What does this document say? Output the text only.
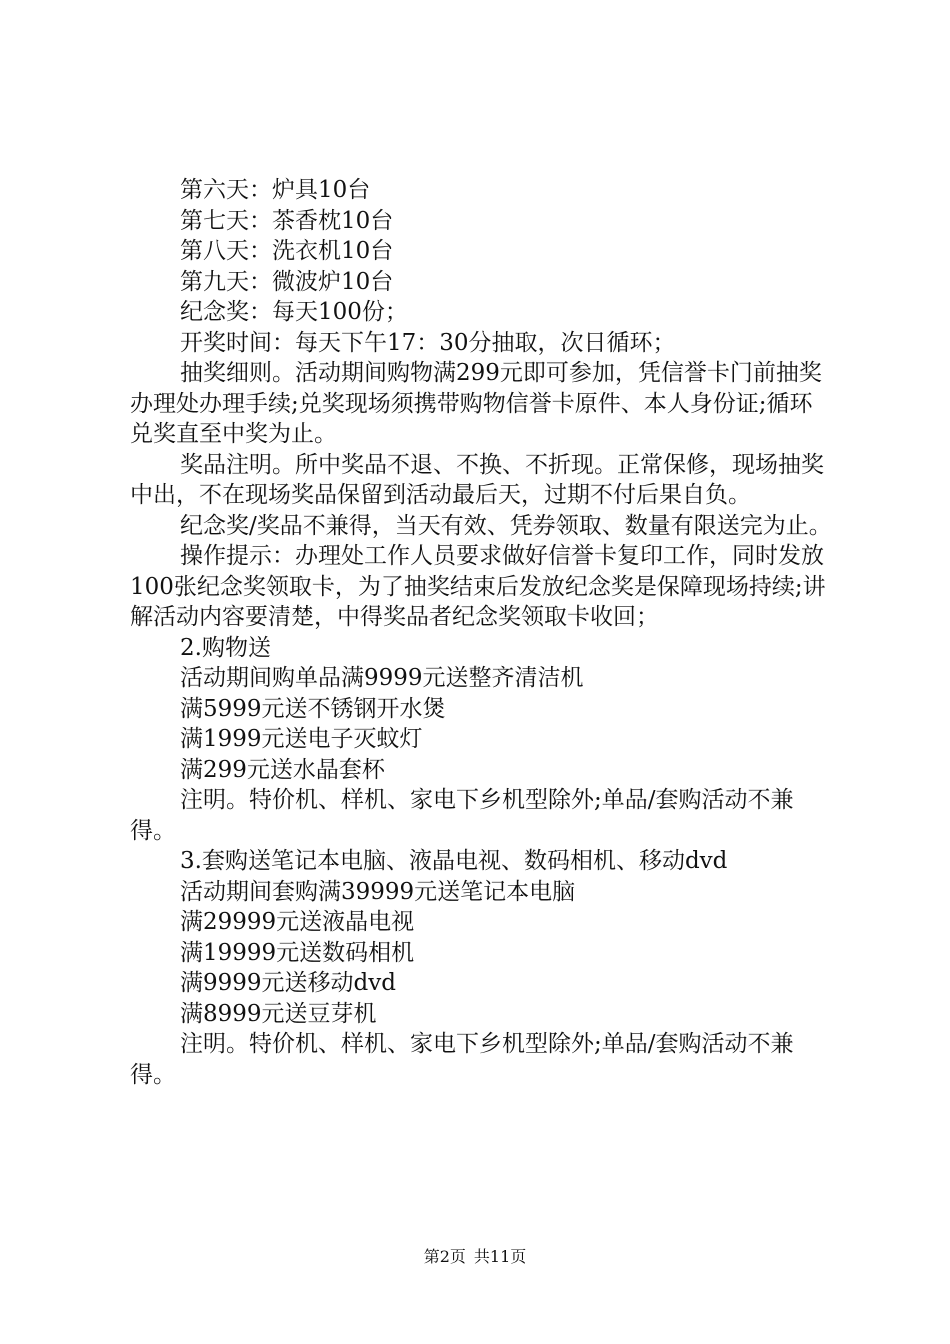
第六天：炉具10台

第七天：茶香枕10台

第八天：洗衣机10台

第九天：微波炉10台

纪念奖：每天100份；

开奖时间：每天下午17：30分抽取，次日循环；

抽奖细则。活动期间购物满299元即可参加，凭信誉卡门前抽奖办理处办理手续;兑奖现场须携带购物信誉卡原件、本人身份证;循环兑奖直至中奖为止。

奖品注明。所中奖品不退、不换、不折现。正常保修，现场抽奖中出，不在现场奖品保留到活动最后天，过期不付后果自负。

纪念奖/奖品不兼得，当天有效、凭券领取、数量有限送完为止。

操作提示：办理处工作人员要求做好信誉卡复印工作，同时发放100张纪念奖领取卡，为了抽奖结束后发放纪念奖是保障现场持续;讲解活动内容要清楚，中得奖品者纪念奖领取卡收回；

2.购物送

活动期间购单品满9999元送整齐清洁机

满5999元送不锈钢开水煲

满1999元送电子灭蚊灯

满299元送水晶套杯

注明。特价机、样机、家电下乡机型除外;单品/套购活动不兼得。

3.套购送笔记本电脑、液晶电视、数码相机、移动dvd

活动期间套购满39999元送笔记本电脑

满29999元送液晶电视

满19999元送数码相机

满9999元送移动dvd

满8999元送豆芽机

注明。特价机、样机、家电下乡机型除外;单品/套购活动不兼得。

第2页 共11页
